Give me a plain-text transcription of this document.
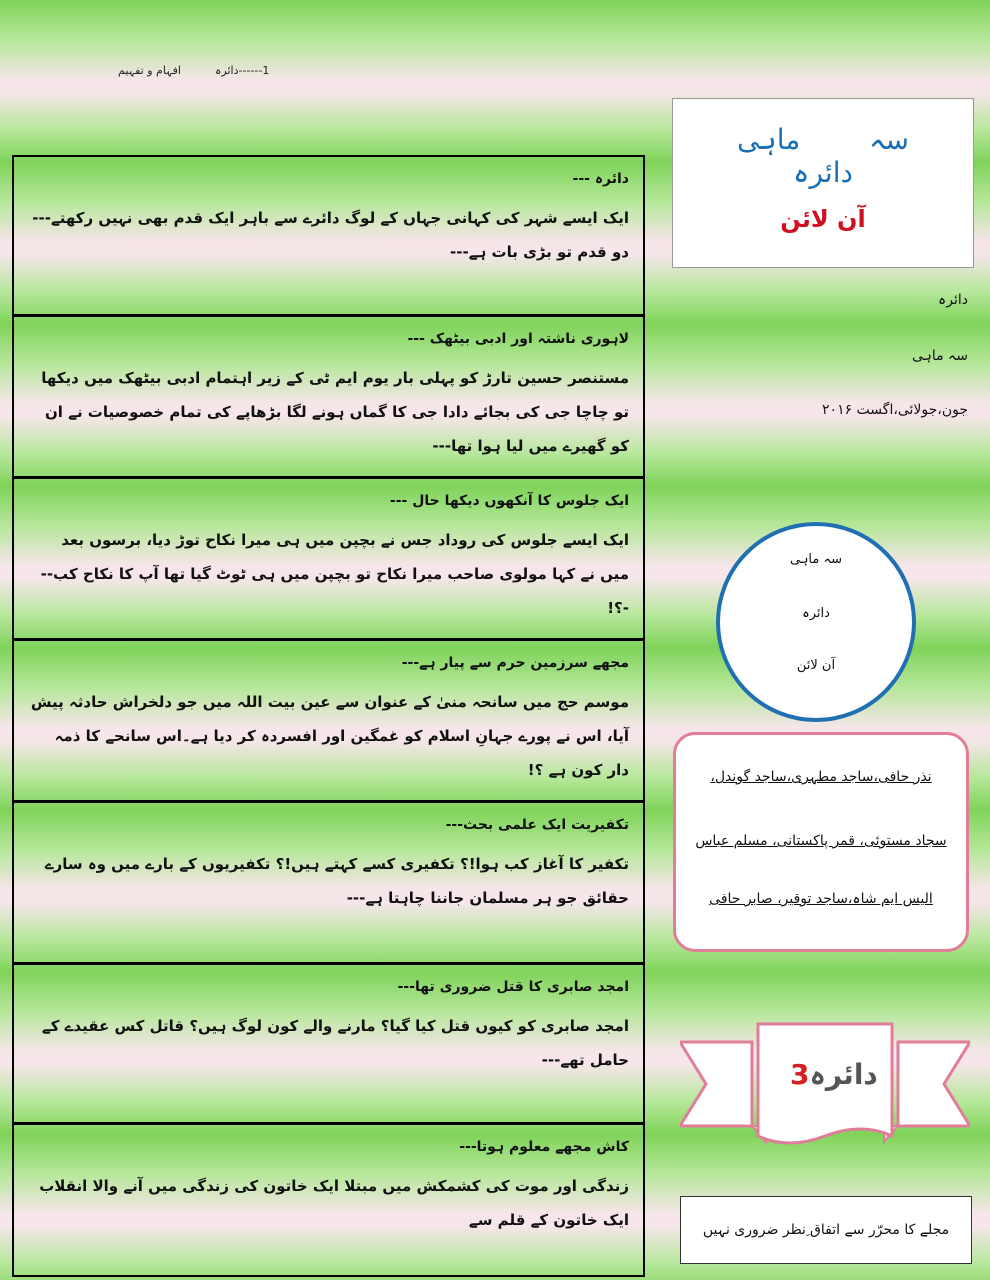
1------دائرہ
افہام و تفہیم
دائرہ ---
ایک ایسے شہر کی کہانی جہاں کے لوگ دائرے سے باہر ایک قدم بھی نہیں رکھتے---دو قدم تو بڑی بات ہے---
لاہوری ناشتہ اور ادبی بیٹھک ---
مستنصر حسین تارڑ کو پہلی بار یوم ایم ٹی کے زیر اہتمام ادبی بیٹھک میں دیکھا تو چاچا جی کی بجائے دادا جی کا گماں ہونے لگا بڑھاپے کی تمام خصوصیات نے ان کو گھیرے میں لیا ہوا تھا---
ایک جلوس کا آنکھوں دیکھا حال ---
ایک ایسے جلوس کی روداد جس نے بچپن میں ہی میرا نکاح توڑ دیا، برسوں بعد میں نے کہا مولوی صاحب میرا نکاح تو بچپن میں ہی ٹوٹ گیا تھا آپ کا نکاح کب---؟!
مجھے سرزمین حرم سے پیار ہے---
موسم حج میں سانحہ منیٰ کے عنوان سے عین بیت اللہ میں جو دلخراش حادثہ پیش آیا، اس نے پورے جہانِ اسلام کو غمگین اور افسردہ کر دیا ہے۔اس سانحے کا ذمہ دار کون ہے ؟!
تکفیریت ایک علمی بحث---
تکفیر کا آغاز کب ہوا!؟ تکفیری کسے کہتے ہیں!؟ تکفیریوں کے بارے میں وہ سارے حقائق جو ہر مسلمان جاننا چاہتا ہے---
امجد صابری کا قتل ضروری تھا---
امجد صابری کو کیوں قتل کیا گیا؟ مارنے والے کون لوگ ہیں؟ قاتل کس عقیدے کے حامل تھے---
کاش مجھے معلوم ہوتا---
زندگی اور موت کی کشمکش میں مبتلا ایک خاتون کی زندگی میں آنے والا انقلاب ایک خاتون کے قلم سے
سہ ماہی دائرہ
آن لائن
دائرہ
سہ ماہی
جون،جولائی،اگست ۲۰۱۶
سہ ماہی
دائرہ
آن لائن
نذر حافی،ساجد مطہری،ساجد گوندل،
سجاد مستوئی، قمر پاکستانی، مسلم عباس
الیس ایم شاہ،ساجد توقیر، صابر حافی
دائرہ3
مجلے کا محرّر سے اتفاق ِنظر ضروری نہیں
